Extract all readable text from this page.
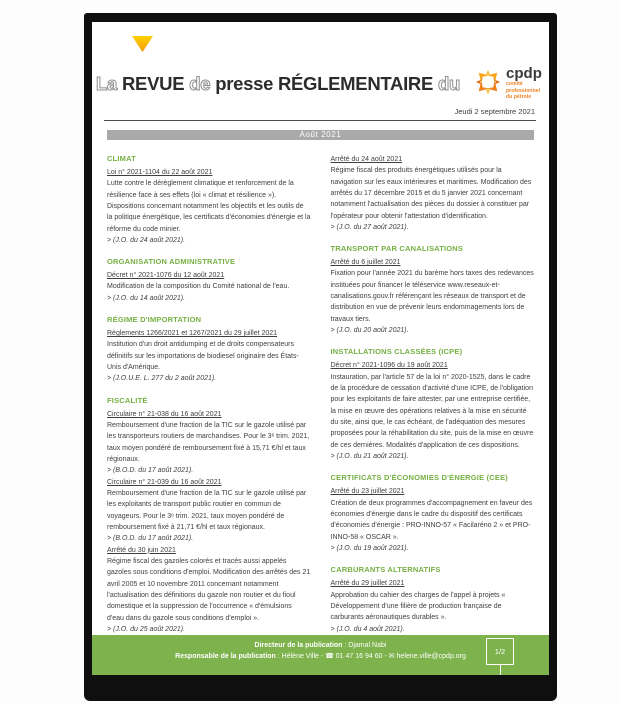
La REVUE de presse RÉGLEMENTAIRE du	cpdp
comité
professionnel
du pétrole
Jeudi 2 septembre 2021
Août 2021
CLIMAT
Loi n° 2021-1104 du 22 août 2021

Lutte contre le dérèglement climatique et renforcement de la résilience face à ses effets (loi « climat et résilience »). Dispositions concernant notamment les objectifs et les outils de la politique énergétique, les certificats d'économies d'énergie et la réforme du code minier.

> (J.O. du 24 août 2021).

ORGANISATION ADMINISTRATIVE
Décret n° 2021-1076 du 12 août 2021

Modification de la composition du Comité national de l'eau.

> (J.O. du 14 août 2021).

RÉGIME D'IMPORTATION
Règlements 1266/2021 et 1267/2021 du 29 juillet 2021

Institution d'un droit antidumping et de droits compensateurs définitifs sur les importations de biodiesel originaire des États-Unis d'Amérique.

> (J.O.U.E. L. 277 du 2 août 2021).

FISCALITÉ
Circulaire n° 21-038 du 16 août 2021

Remboursement d'une fraction de la TIC sur le gazole utilisé par les transporteurs routiers de marchandises. Pour le 3ᵉ trim. 2021, taux moyen pondéré de remboursement fixé à 15,71 €/hl et taux régionaux.

> (B.O.D. du 17 août 2021).

Circulaire n° 21-039 du 16 août 2021

Remboursement d'une fraction de la TIC sur le gazole utilisé par les exploitants de transport public routier en commun de voyageurs. Pour le 3ᵉ trim. 2021, taux moyen pondéré de remboursement fixé à 21,71 €/hl et taux régionaux.

> (B.O.D. du 17 août 2021).

Arrêté du 30 juin 2021

Régime fiscal des gazoles colorés et tracés aussi appelés gazoles sous conditions d'emploi. Modification des arrêtés des 21 avril 2005 et 10 novembre 2011 concernant notamment l'actualisation des définitions du gazole non routier et du fioul domestique et la suppression de l'occurrence « d'émulsions d'eau dans du gazole sous conditions d'emploi ».

> (J.O. du 25 août 2021).

Arrêté du 24 août 2021

Régime fiscal des produits énergétiques utilisés pour la navigation sur les eaux intérieures et maritimes. Modification des arrêtés du 17 décembre 2015 et du 5 janvier 2021 concernant notamment l'actualisation des pièces du dossier à constituer par l'opérateur pour obtenir l'attestation d'identification.

> (J.O. du 27 août 2021).

TRANSPORT PAR CANALISATIONS
Arrêté du 6 juillet 2021

Fixation pour l'année 2021 du barème hors taxes des redevances instituées pour financer le téléservice www.reseaux-et-canalisations.gouv.fr référençant les réseaux de transport et de distribution en vue de prévenir leurs endommagements lors de travaux tiers.

> (J.O. du 20 août 2021).

INSTALLATIONS CLASSÉES (ICPE)
Décret n° 2021-1096 du 19 août 2021

Instauration, par l'article 57 de la loi n° 2020-1525, dans le cadre de la procédure de cessation d'activité d'une ICPE, de l'obligation pour les exploitants de faire attester, par une entreprise certifiée, la mise en œuvre des opérations relatives à la mise en sécurité du site, ainsi que, le cas échéant, de l'adéquation des mesures proposées pour la réhabilitation du site, puis de la mise en œuvre de ces dernières. Modalités d'application de ces dispositions.

> (J.O. du 21 août 2021).

CERTIFICATS D'ÉCONOMIES D'ÉNERGIE (CEE)
Arrêté du 23 juillet 2021

Création de deux programmes d'accompagnement en faveur des économies d'énergie dans le cadre du dispositif des certificats d'économies d'énergie : PRO-INNO-57 « Facilaréno 2 » et PRO-INNO-58 « OSCAR ».

> (J.O. du 19 août 2021).

CARBURANTS ALTERNATIFS
Arrêté du 29 juillet 2021

Approbation du cahier des charges de l'appel à projets « Développement d'une filière de production française de carburants aéronautiques durables ».

> (J.O. du 4 août 2021).

Directeur de la publication : Djamal Nabi
Responsable de la publication : Hélène Ville - ☎ 01 47 16 94 60 - ✉ helene.ville@cpdp.org	1/2
